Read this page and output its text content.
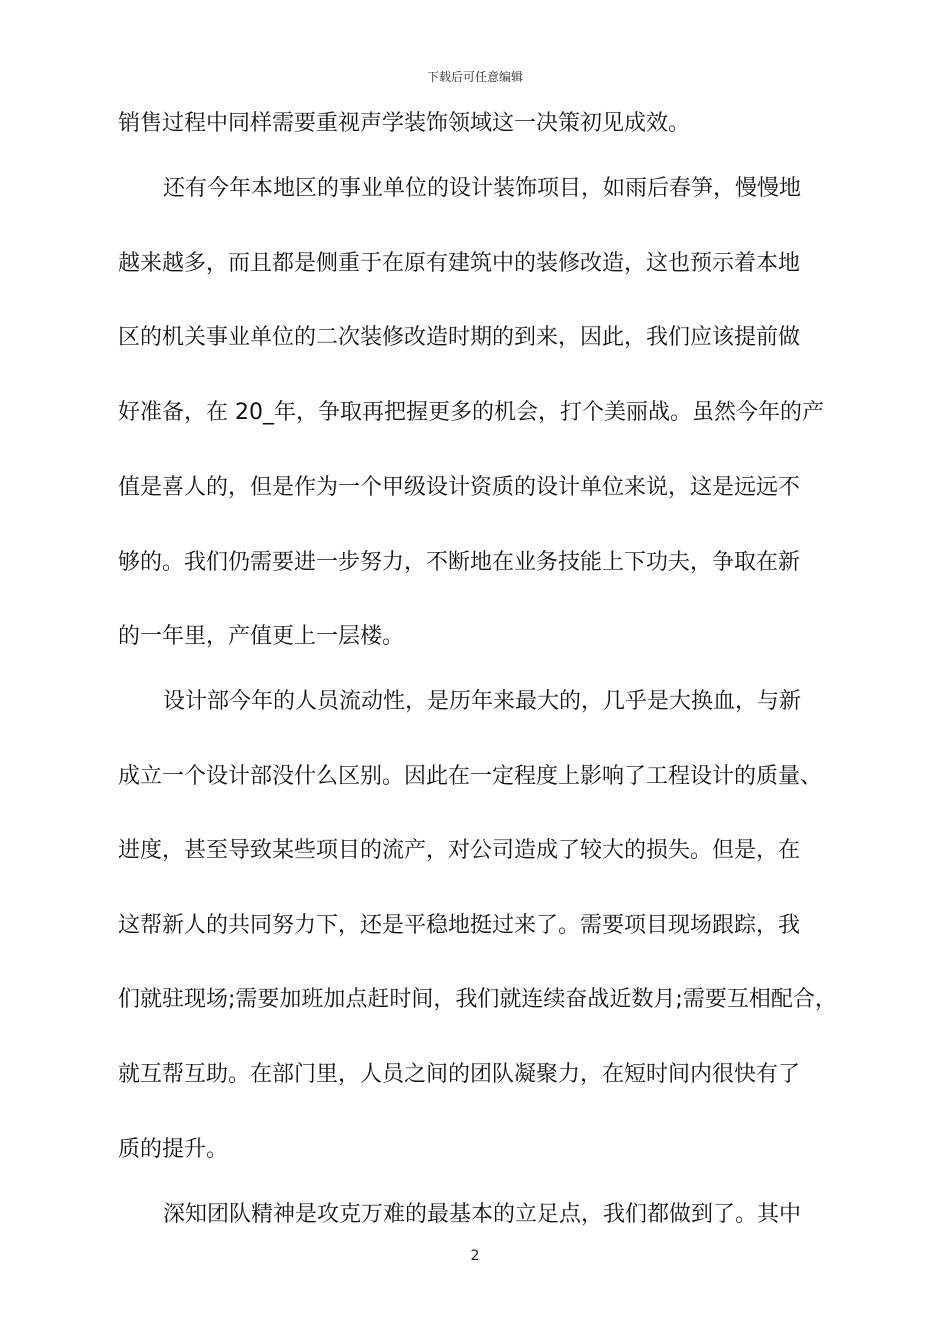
下载后可任意编辑
销售过程中同样需要重视声学装饰领域这一决策初见成效。
还有今年本地区的事业单位的设计装饰项目，如雨后春笋，慢慢地
越来越多，而且都是侧重于在原有建筑中的装修改造，这也预示着本地
区的机关事业单位的二次装修改造时期的到来，因此，我们应该提前做
好准备，在 20_年，争取再把握更多的机会，打个美丽战。虽然今年的产
值是喜人的，但是作为一个甲级设计资质的设计单位来说，这是远远不
够的。我们仍需要进一步努力，不断地在业务技能上下功夫，争取在新
的一年里，产值更上一层楼。
设计部今年的人员流动性，是历年来最大的，几乎是大换血，与新
成立一个设计部没什么区别。因此在一定程度上影响了工程设计的质量、
进度，甚至导致某些项目的流产，对公司造成了较大的损失。但是，在
这帮新人的共同努力下，还是平稳地挺过来了。需要项目现场跟踪，我
们就驻现场;需要加班加点赶时间，我们就连续奋战近数月;需要互相配合，
就互帮互助。在部门里，人员之间的团队凝聚力，在短时间内很快有了
质的提升。
深知团队精神是攻克万难的最基本的立足点，我们都做到了。其中
2
